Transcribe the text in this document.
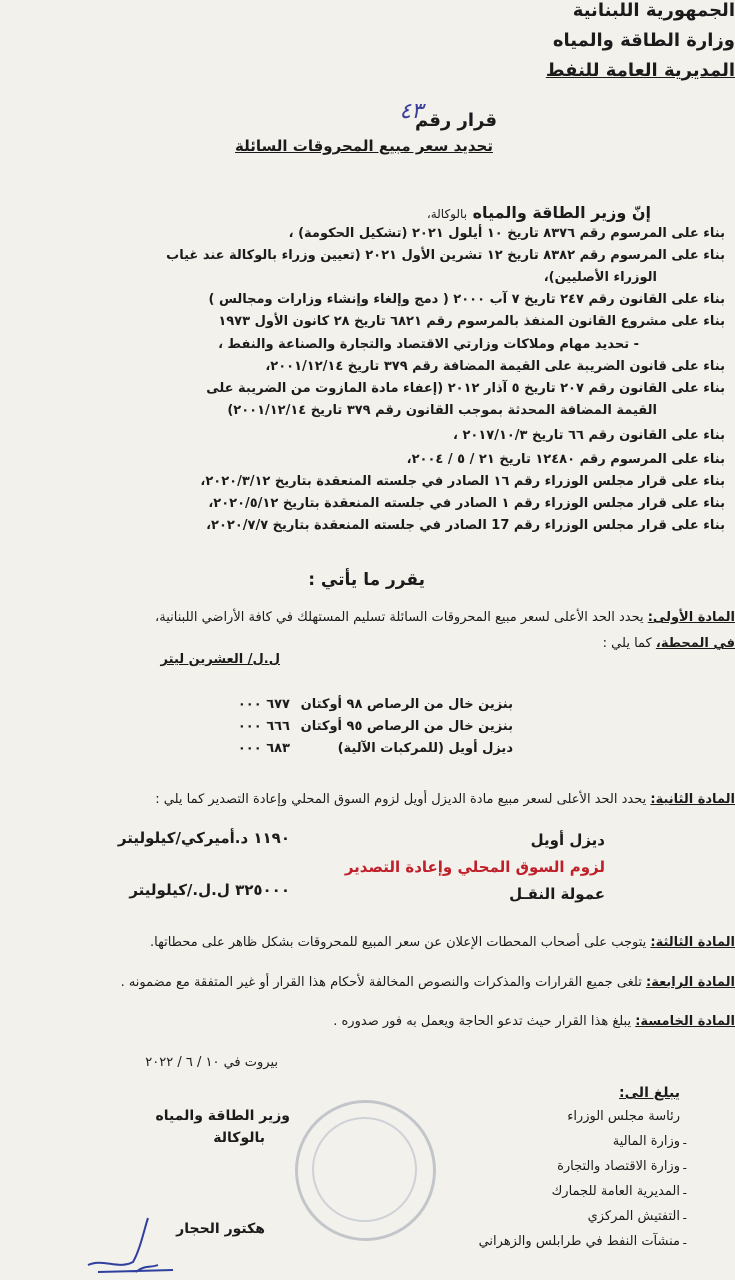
الجمهورية اللبنانية
وزارة الطاقة والمياه
المديرية العامة للنفط
قرار رقم
٤٣
تحديد سعر مبيع المحروقات السائلة
إنّ وزير الطاقة والمياه بالوكالة،
بناء على المرسوم رقم ٨٣٧٦ تاريخ ١٠ أيلول ٢٠٢١ (تشكيل الحكومة) ،
بناء على المرسوم رقم ٨٣٨٢ تاريخ ١٢ تشرين الأول ٢٠٢١ (تعيين وزراء بالوكالة عند غياب
الوزراء الأصليين)،
بناء على القانون رقم ٢٤٧ تاريخ ٧ آب ٢٠٠٠ ( دمج وإلغاء وإنشاء وزارات ومجالس )
بناء على مشروع القانون المنفذ بالمرسوم رقم ٦٨٢١ تاريخ ٢٨ كانون الأول ١٩٧٣
- تحديد مهام وملاكات وزارتي الاقتصاد والتجارة والصناعة والنفط ،
بناء على قانون الضريبة على القيمة المضافة رقم ٣٧٩ تاريخ ٢٠٠١/١٢/١٤،
بناء على القانون رقم ٢٠٧ تاريخ ٥ آذار ٢٠١٢ (إعفاء مادة المازوت من الضريبة على
القيمة المضافة المحدثة بموجب القانون رقم ٣٧٩ تاريخ ٢٠٠١/١٢/١٤)
بناء على القانون رقم ٦٦ تاريخ ٢٠١٧/١٠/٣ ،
بناء على المرسوم رقم ١٢٤٨٠ تاريخ ٢١ / ٥ / ٢٠٠٤،
بناء على قرار مجلس الوزراء رقم ١٦ الصادر في جلسته المنعقدة بتاريخ ٢٠٢٠/٣/١٢،
بناء على قرار مجلس الوزراء رقم ١ الصادر في جلسته المنعقدة بتاريخ ٢٠٢٠/٥/١٢،
بناء على قرار مجلس الوزراء رقم 17 الصادر في جلسته المنعقدة بتاريخ ٢٠٢٠/٧/٧،
يقرر ما يأتي :
المادة الأولى: يحدد الحد الأعلى لسعر مبيع المحروقات السائلة تسليم المستهلك في كافة الأراضي اللبنانية،
في المحطة، كما يلي :
ل.ل/ العشرين ليتر
بنزين خال من الرصاص ٩٨ أوكتان
٦٧٧ ٠٠٠
بنزين خال من الرصاص ٩٥ أوكتان
٦٦٦ ٠٠٠
ديزل أويل (للمركبات الآلية)
٦٨٣ ٠٠٠
المادة الثانية: يحدد الحد الأعلى لسعر مبيع مادة الديزل أويل لزوم السوق المحلي وإعادة التصدير كما يلي :
ديزل أويل
١١٩٠ د.أميركي/كيلوليتر
لزوم السوق المحلي وإعادة التصدير
عمولة النقـل
٣٢٥٠٠٠ ل.ل./كيلوليتر
المادة الثالثة: يتوجب على أصحاب المحطات الإعلان عن سعر المبيع للمحروقات بشكل ظاهر على محطاتها.
المادة الرابعة: تلغى جميع القرارات والمذكرات والنصوص المخالفة لأحكام هذا القرار أو غير المتفقة مع مضمونه .
المادة الخامسة: يبلغ هذا القرار حيث تدعو الحاجة ويعمل به فور صدوره .
بيروت في ١٠ / ٦ / ٢٠٢٢
يبلغ الى:
رئاسة مجلس الوزراء
وزارة المالية
وزارة الاقتصاد والتجارة
المديرية العامة للجمارك
التفتيش المركزي
منشآت النفط في طرابلس والزهراني
-
-
-
-
-
وزير الطاقة والمياه
بالوكالة
هكتور الحجار
